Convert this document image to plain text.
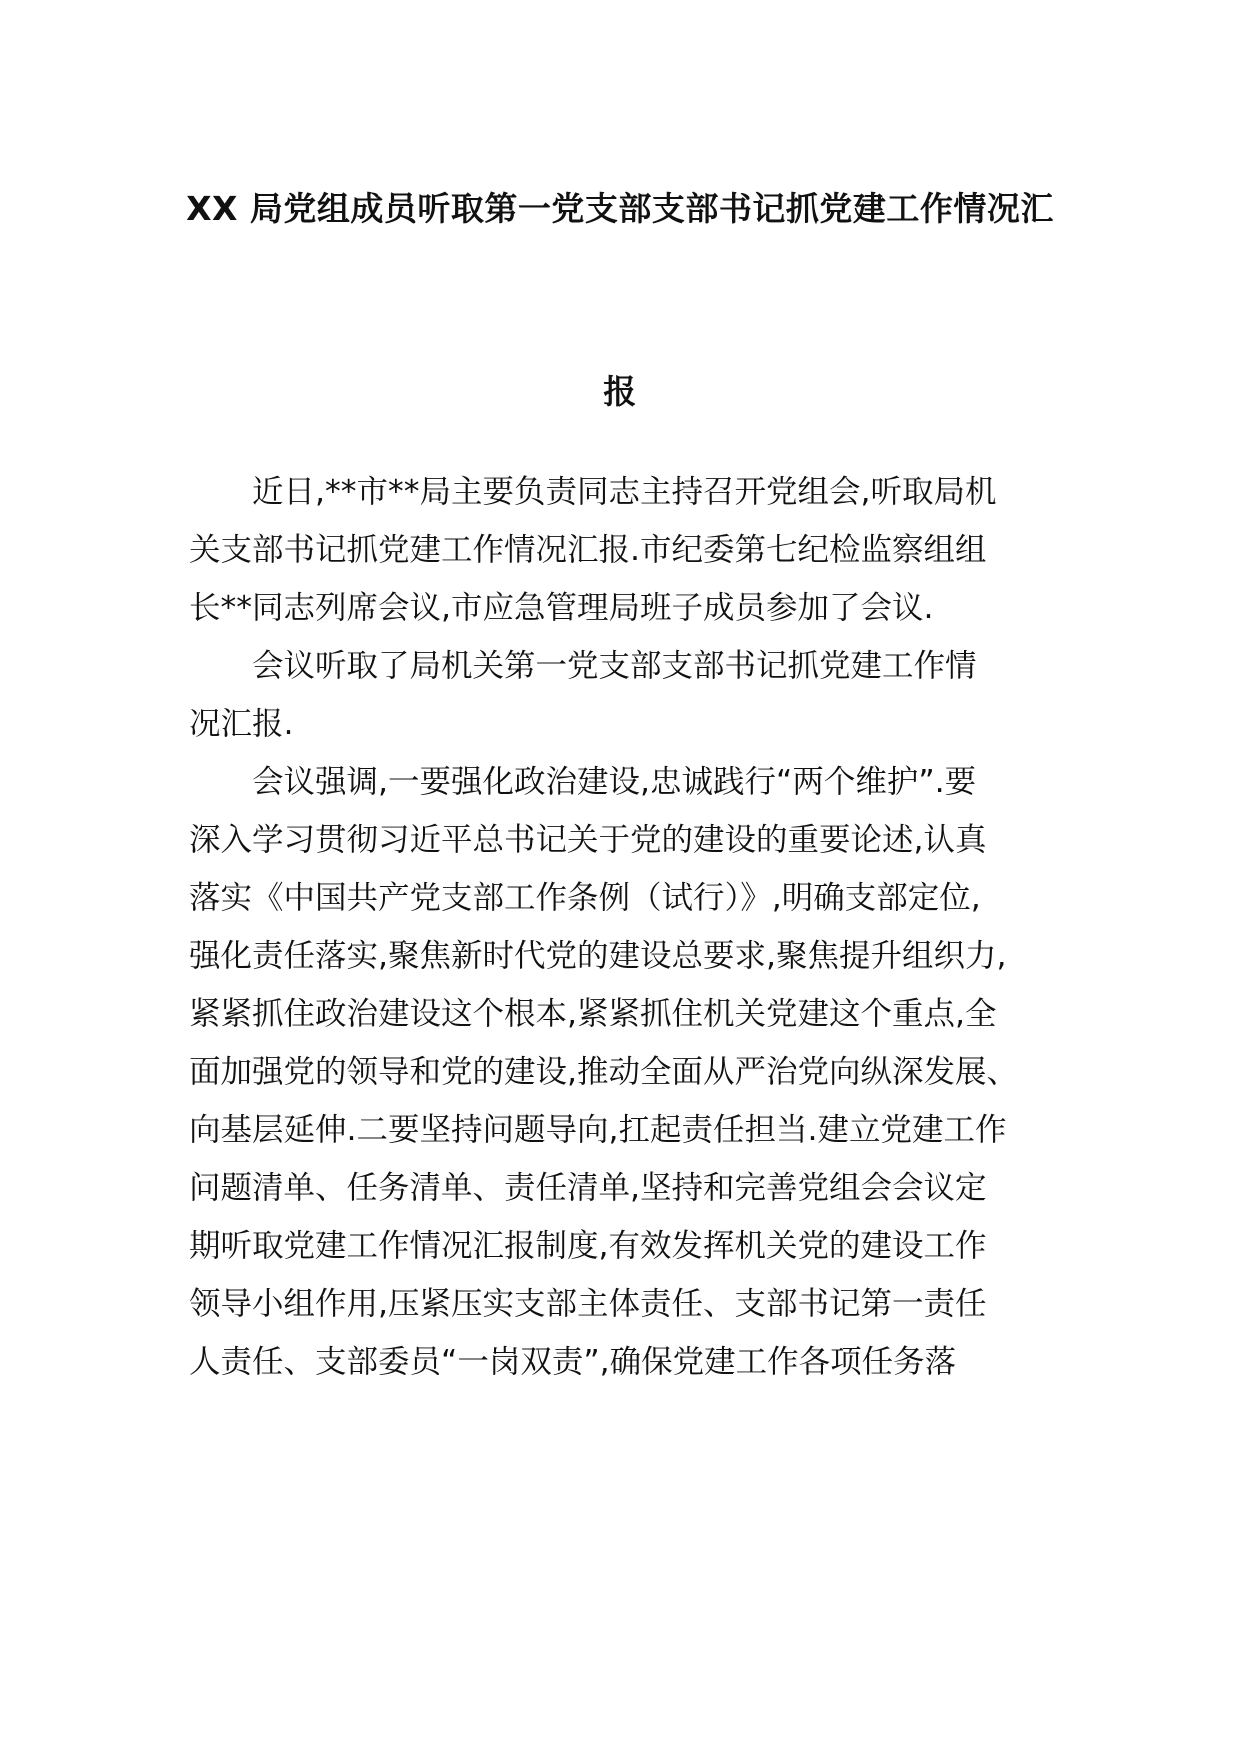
XX 局党组成员听取第一党支部支部书记抓党建工作情况汇
报
近日,**市**局主要负责同志主持召开党组会,听取局机
关支部书记抓党建工作情况汇报.市纪委第七纪检监察组组
长**同志列席会议,市应急管理局班子成员参加了会议.
会议听取了局机关第一党支部支部书记抓党建工作情
况汇报.
会议强调,一要强化政治建设,忠诚践行“两个维护”.要
深入学习贯彻习近平总书记关于党的建设的重要论述,认真
落实《中国共产党支部工作条例（试行）》,明确支部定位,
强化责任落实,聚焦新时代党的建设总要求,聚焦提升组织力,
紧紧抓住政治建设这个根本,紧紧抓住机关党建这个重点,全
面加强党的领导和党的建设,推动全面从严治党向纵深发展、
向基层延伸.二要坚持问题导向,扛起责任担当.建立党建工作
问题清单、任务清单、责任清单,坚持和完善党组会会议定
期听取党建工作情况汇报制度,有效发挥机关党的建设工作
领导小组作用,压紧压实支部主体责任、支部书记第一责任
人责任、支部委员“一岗双责”,确保党建工作各项任务落
